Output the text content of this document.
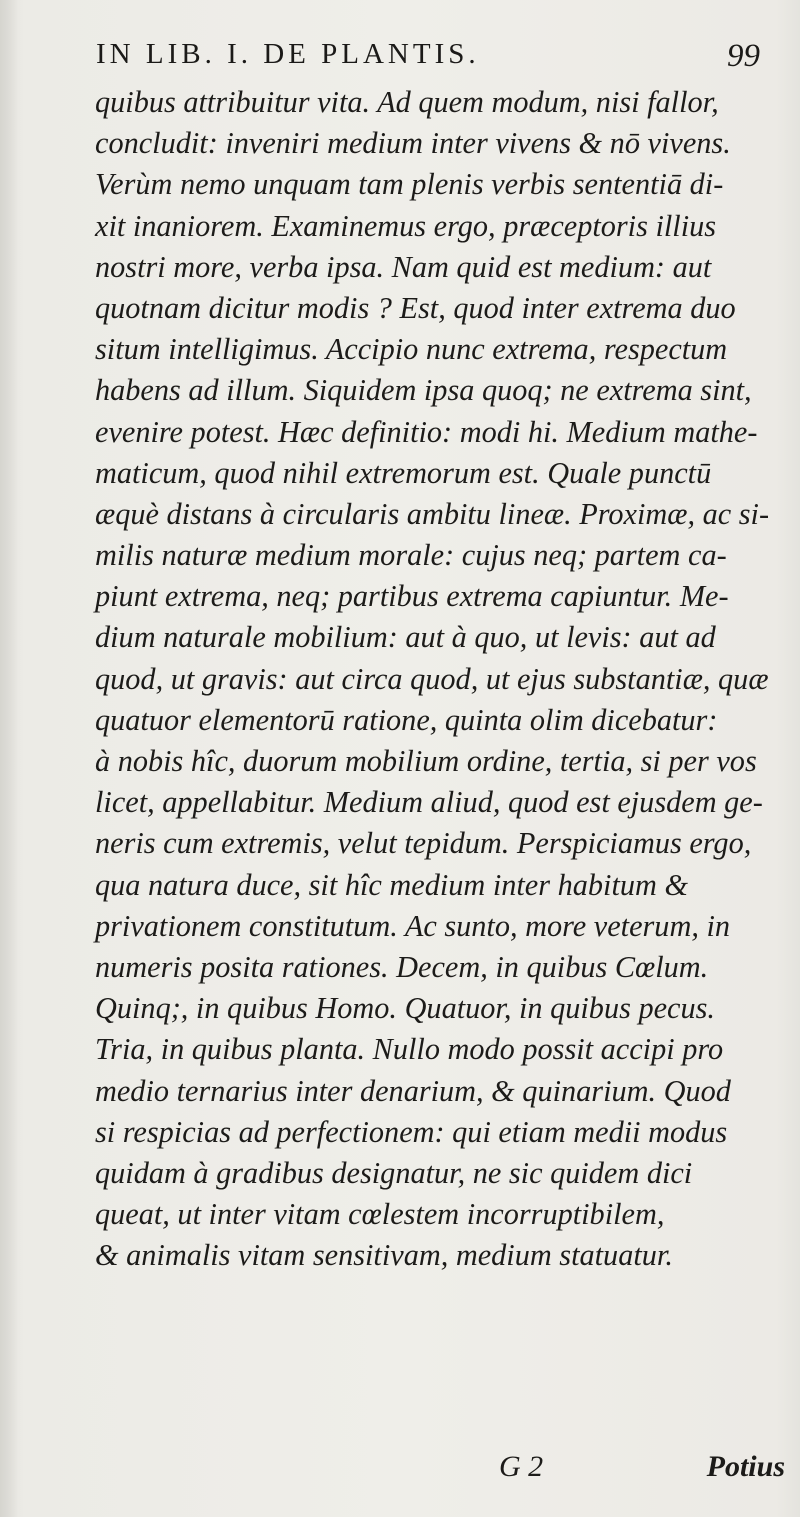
IN LIB. I. DE PLANTIS.	99
quibus attribuitur vita. Ad quem modum, nisi fallor,
concludit: inveniri medium inter vivens & nō vivens.
Verùm nemo unquam tam plenis verbis sententiā di-
xit inaniorem. Examinemus ergo, præceptoris illius
nostri more, verba ipsa. Nam quid est medium: aut
quotnam dicitur modis ? Est, quod inter extrema duo
situm intelligimus. Accipio nunc extrema, respectum
habens ad illum. Siquidem ipsa quoq; ne extrema sint,
evenire potest. Hæc definitio: modi hi. Medium mathe-
maticum, quod nihil extremorum est. Quale punctū
æquè distans à circularis ambitu lineæ. Proximæ, ac si-
milis naturæ medium morale: cujus neq; partem ca-
piunt extrema, neq; partibus extrema capiuntur. Me-
dium naturale mobilium: aut à quo, ut levis: aut ad
quod, ut gravis: aut circa quod, ut ejus substantiæ, quæ
quatuor elementorū ratione, quinta olim dicebatur:
à nobis hîc, duorum mobilium ordine, tertia, si per vos
licet, appellabitur. Medium aliud, quod est ejusdem ge-
neris cum extremis, velut tepidum. Perspiciamus ergo,
qua natura duce, sit hîc medium inter habitum &
privationem constitutum. Ac sunto, more veterum, in
numeris posita rationes. Decem, in quibus Cœlum.
Quinq;, in quibus Homo. Quatuor, in quibus pecus.
Tria, in quibus planta. Nullo modo possit accipi pro
medio ternarius inter denarium, & quinarium. Quod
si respicias ad perfectionem: qui etiam medii modus
quidam à gradibus designatur, ne sic quidem dici
queat, ut inter vitam cœlestem incorruptibilem,
& animalis vitam sensitivam, medium statuatur.
G 2	Potius
